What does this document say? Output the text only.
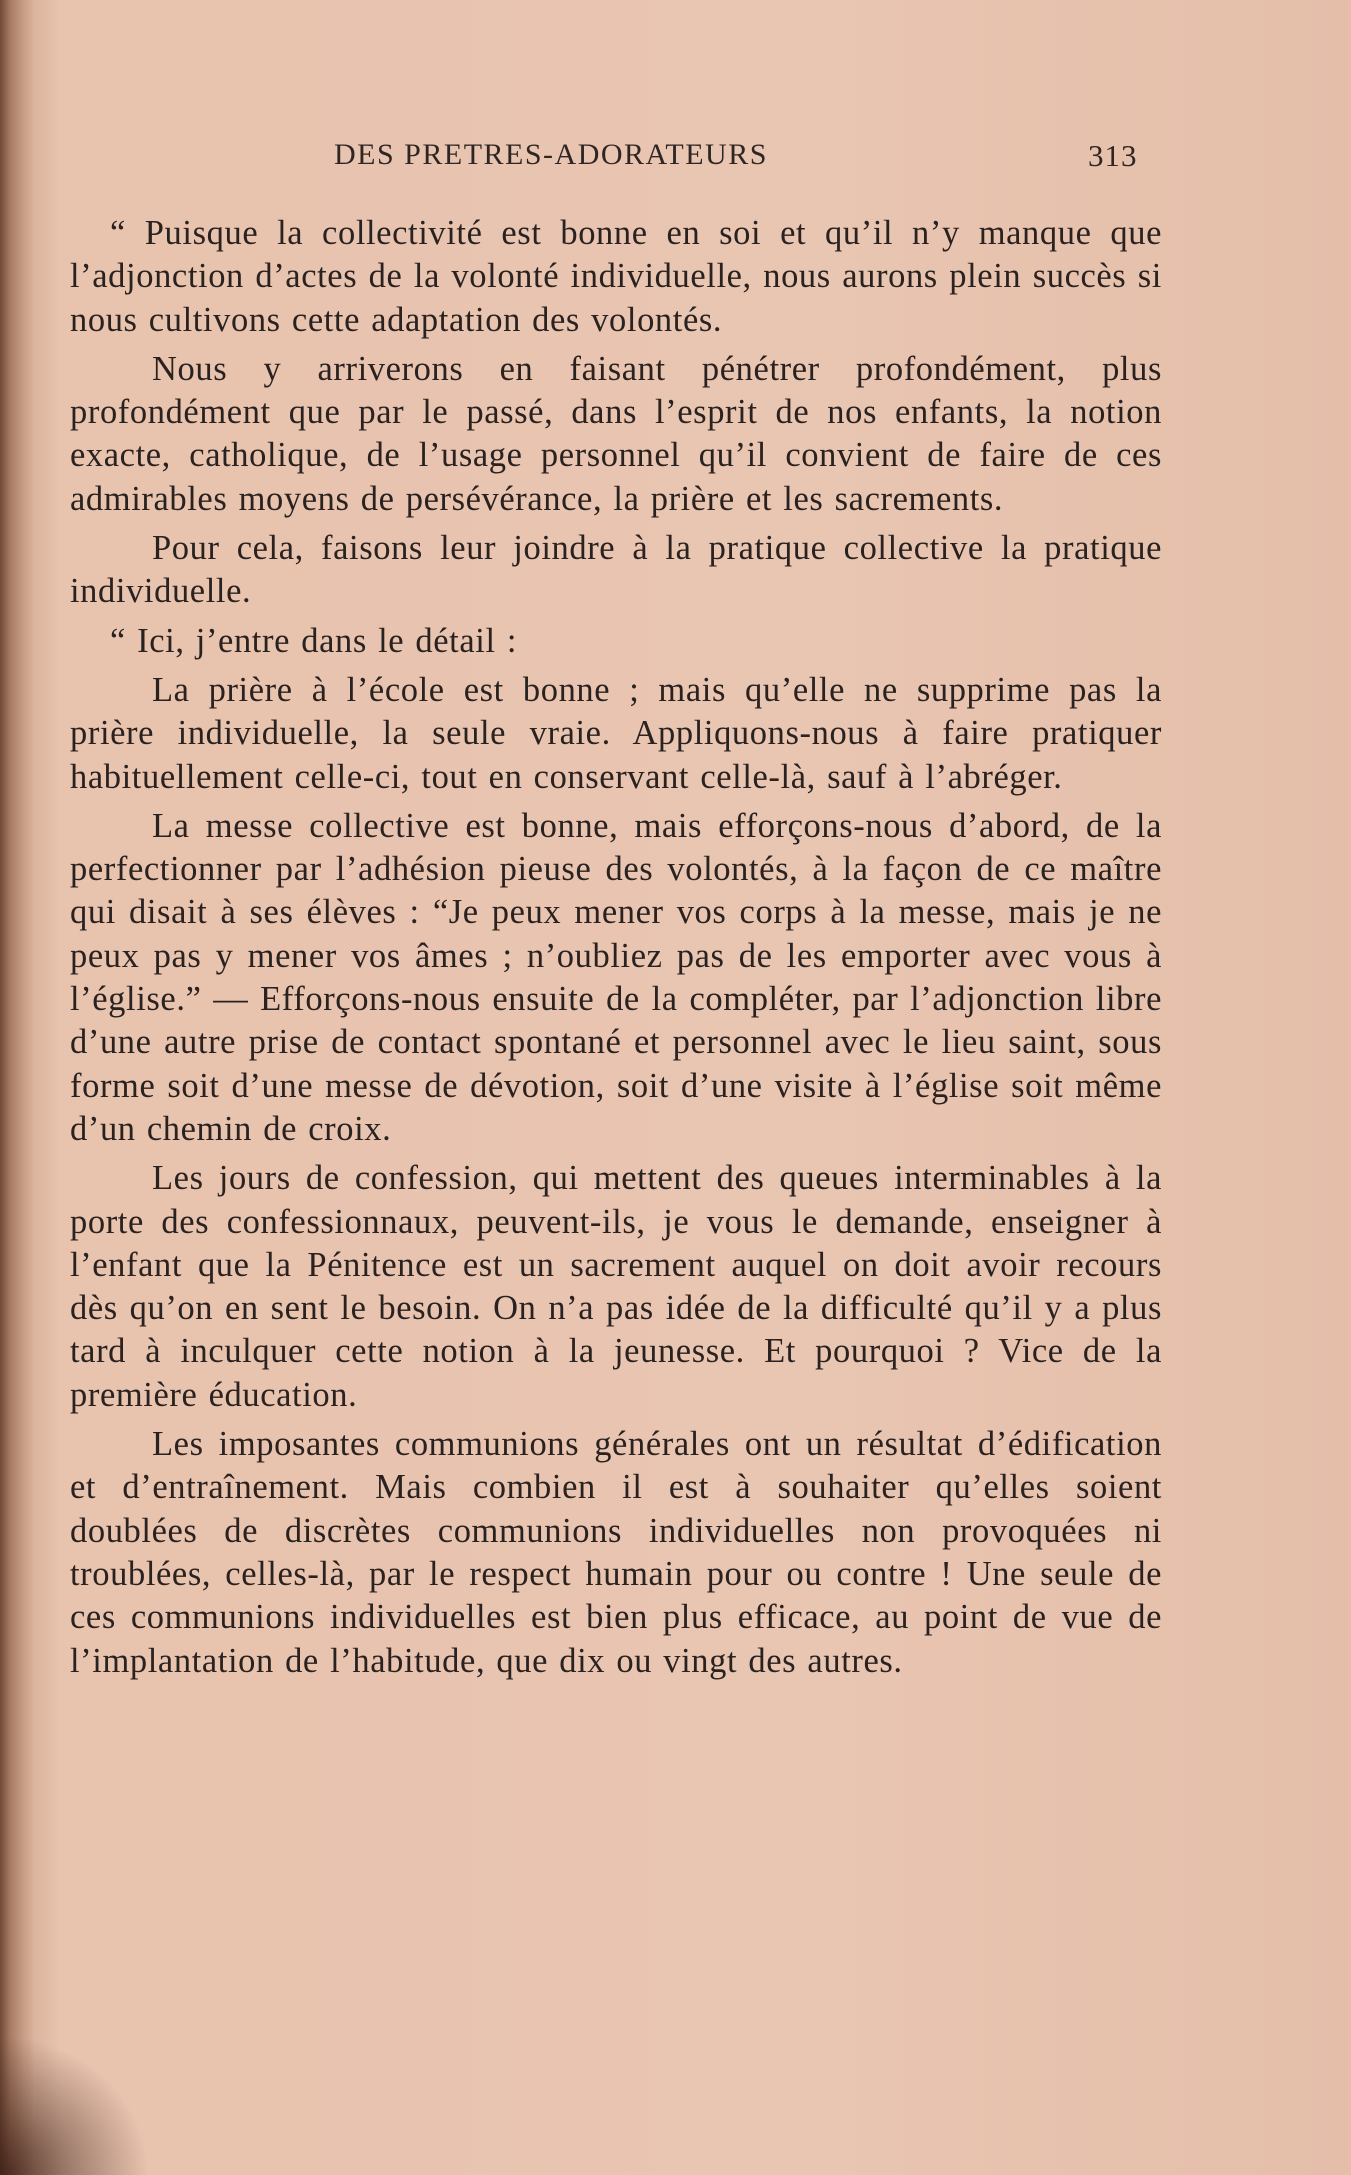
DES PRETRES-ADORATEURS	313

“ Puisque la collectivité est bonne en soi et qu’il n’y manque que l’adjonction d’actes de la volonté individuelle, nous aurons plein succès si nous cultivons cette adaptation des volontés.

Nous y arriverons en faisant pénétrer profondément, plus profondément que par le passé, dans l’esprit de nos enfants, la notion exacte, catholique, de l’usage personnel qu’il convient de faire de ces admirables moyens de persévérance, la prière et les sacrements.

Pour cela, faisons leur joindre à la pratique collective la pratique individuelle.

“ Ici, j’entre dans le détail :

La prière à l’école est bonne ; mais qu’elle ne supprime pas la prière individuelle, la seule vraie. Appliquons-nous à faire pratiquer habituellement celle-ci, tout en conservant celle-là, sauf à l’abréger.

La messe collective est bonne, mais efforçons-nous d’abord, de la perfectionner par l’adhésion pieuse des volontés, à la façon de ce maître qui disait à ses élèves : “Je peux mener vos corps à la messe, mais je ne peux pas y mener vos âmes ; n’oubliez pas de les emporter avec vous à l’église.” — Efforçons-nous ensuite de la compléter, par l’adjonction libre d’une autre prise de contact spontané et personnel avec le lieu saint, sous forme soit d’une messe de dévotion, soit d’une visite à l’église soit même d’un chemin de croix.

Les jours de confession, qui mettent des queues interminables à la porte des confessionnaux, peuvent-ils, je vous le demande, enseigner à l’enfant que la Pénitence est un sacrement auquel on doit avoir recours dès qu’on en sent le besoin. On n’a pas idée de la difficulté qu’il y a plus tard à inculquer cette notion à la jeunesse. Et pourquoi ? Vice de la première éducation.

Les imposantes communions générales ont un résultat d’édification et d’entraînement. Mais combien il est à souhaiter qu’elles soient doublées de discrètes communions individuelles non provoquées ni troublées, celles-là, par le respect humain pour ou contre ! Une seule de ces communions individuelles est bien plus efficace, au point de vue de l’implantation de l’habitude, que dix ou vingt des autres.
